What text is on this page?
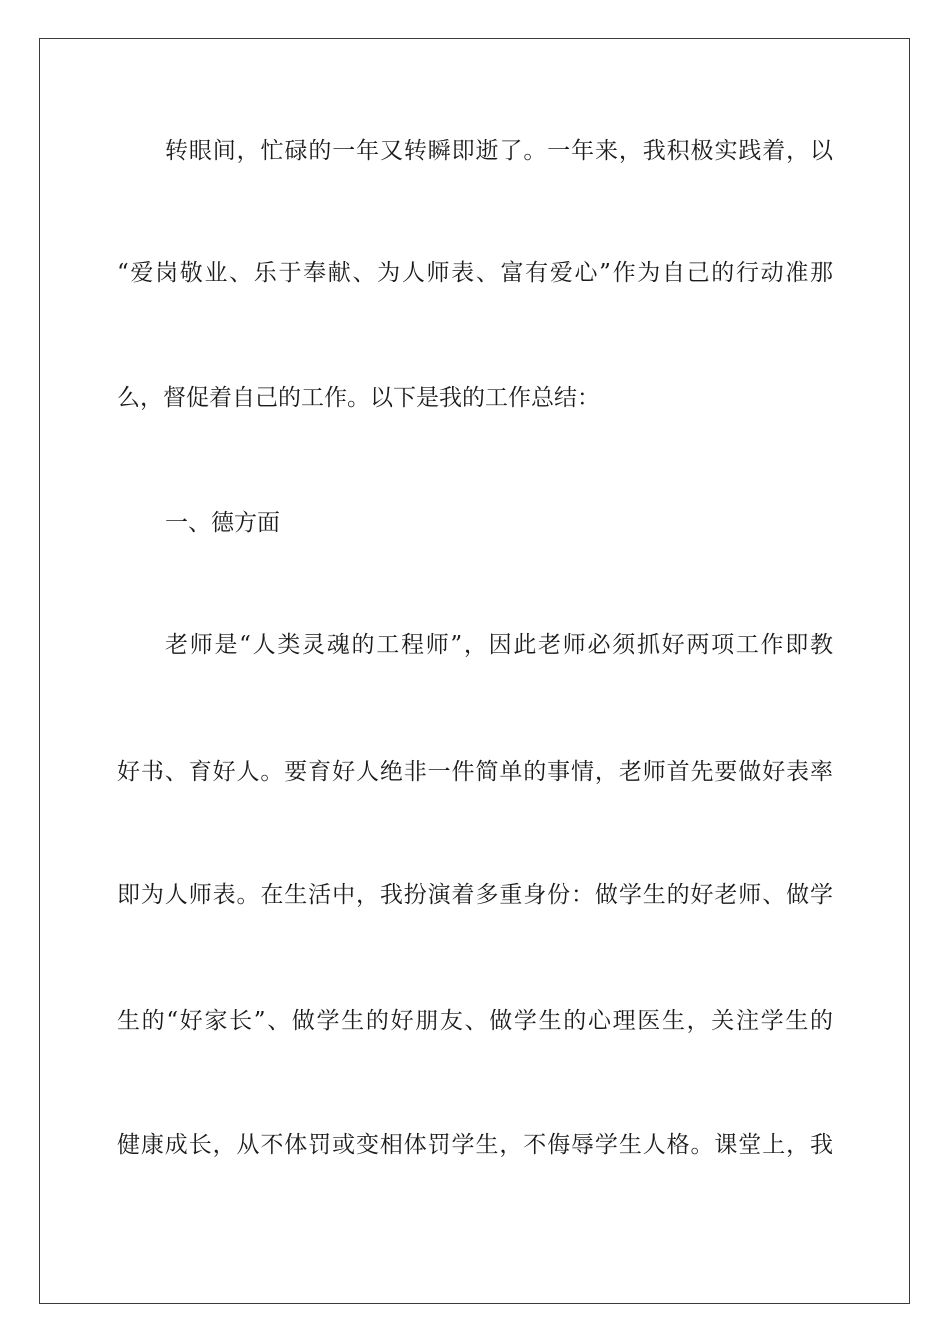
转眼间，忙碌的一年又转瞬即逝了。一年来，我积极实践着，以
“爱岗敬业、乐于奉献、为人师表、富有爱心”作为自己的行动准那
么，督促着自己的工作。以下是我的工作总结：
一、德方面
老师是“人类灵魂的工程师”，因此老师必须抓好两项工作即教
好书、育好人。要育好人绝非一件简单的事情，老师首先要做好表率
即为人师表。在生活中，我扮演着多重身份：做学生的好老师、做学
生的“好家长”、做学生的好朋友、做学生的心理医生，关注学生的
健康成长，从不体罚或变相体罚学生，不侮辱学生人格。课堂上，我
